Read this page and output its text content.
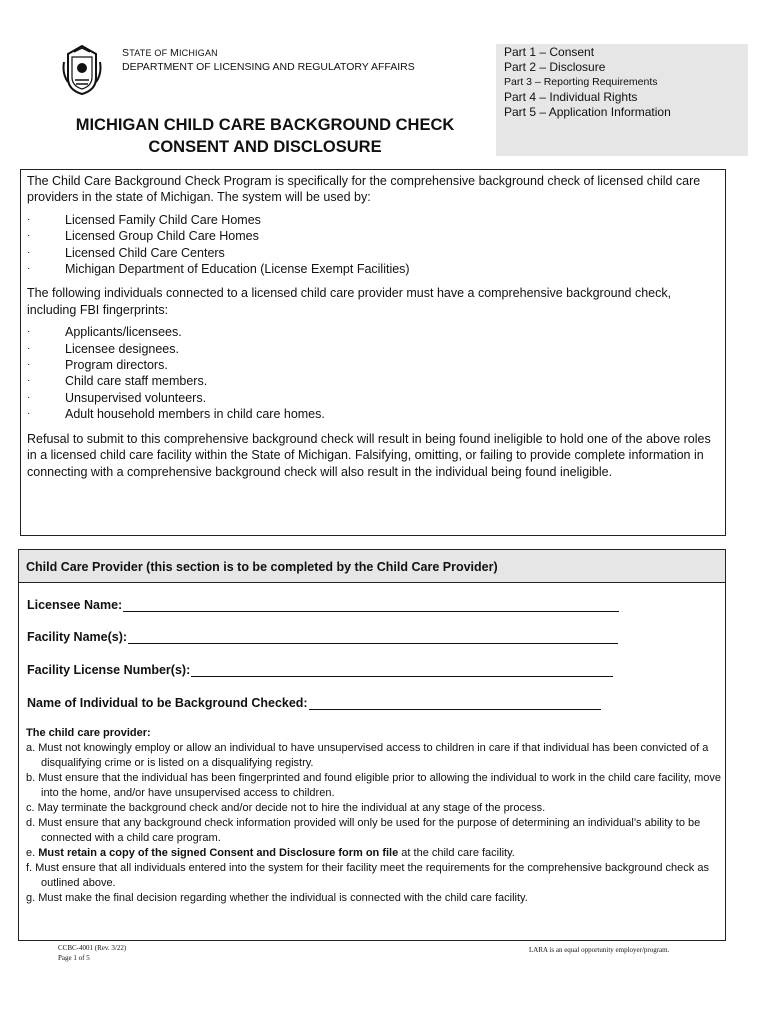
STATE OF MICHIGAN
DEPARTMENT OF LICENSING AND REGULATORY AFFAIRS
MICHIGAN CHILD CARE BACKGROUND CHECK
CONSENT AND DISCLOSURE
Part 1 – Consent
Part 2 – Disclosure
Part 3 – Reporting Requirements
Part 4 – Individual Rights
Part 5 – Application Information

The Child Care Background Check Program is specifically for the comprehensive background check of licensed child care providers in the state of Michigan. The system will be used by:

·	Licensed Family Child Care Homes
·	Licensed Group Child Care Homes
·	Licensed Child Care Centers
·	Michigan Department of Education (License Exempt Facilities)

The following individuals connected to a licensed child care provider must have a comprehensive background check, including FBI fingerprints:

·	Applicants/licensees.
·	Licensee designees.
·	Program directors.
·	Child care staff members.
·	Unsupervised volunteers.
·	Adult household members in child care homes.

Refusal to submit to this comprehensive background check will result in being found ineligible to hold one of the above roles in a licensed child care facility within the State of Michigan. Falsifying, omitting, or failing to provide complete information in connecting with a comprehensive background check will also result in the individual being found ineligible.

Child Care Provider (this section is to be completed by the Child Care Provider)
Licensee Name:
Facility Name(s):
Facility License Number(s):
Name of Individual to be Background Checked:
The child care provider:
a. Must not knowingly employ or allow an individual to have unsupervised access to children in care if that individual has been convicted of a disqualifying crime or is listed on a disqualifying registry.
b. Must ensure that the individual has been fingerprinted and found eligible prior to allowing the individual to work in the child care facility, move into the home, and/or have unsupervised access to children.
c. May terminate the background check and/or decide not to hire the individual at any stage of the process.
d. Must ensure that any background check information provided will only be used for the purpose of determining an individual’s ability to be connected with a child care program.
e. Must retain a copy of the signed Consent and Disclosure form on file at the child care facility.
f. Must ensure that all individuals entered into the system for their facility meet the requirements for the comprehensive background check as outlined above.
g. Must make the final decision regarding whether the individual is connected with the child care facility.
CCBC-4001 (Rev. 3/22)
Page 1 of 5
LARA is an equal opportunity employer/program.
